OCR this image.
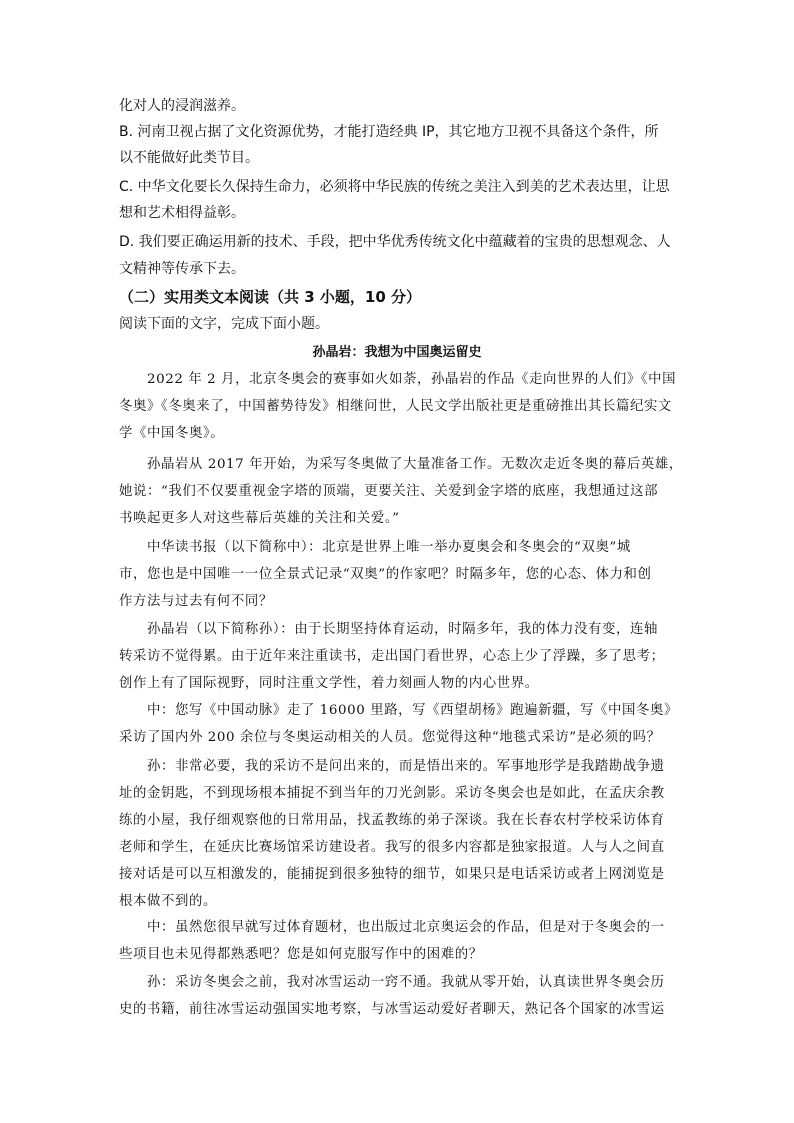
化对人的浸润滋养。
B. 河南卫视占据了文化资源优势，才能打造经典 IP，其它地方卫视不具备这个条件，所
以不能做好此类节目。
C. 中华文化要长久保持生命力，必须将中华民族的传统之美注入到美的艺术表达里，让思
想和艺术相得益彰。
D. 我们要正确运用新的技术、手段，把中华优秀传统文化中蕴藏着的宝贵的思想观念、人
文精神等传承下去。
（二）实用类文本阅读（共 3 小题，10 分）
阅读下面的文字，完成下面小题。
孙晶岩：我想为中国奥运留史
2022 年 2 月，北京冬奥会的赛事如火如荼，孙晶岩的作品《走向世界的人们》《中国
冬奥》《冬奥来了，中国蓄势待发》相继问世，人民文学出版社更是重磅推出其长篇纪实文
学《中国冬奥》。
孙晶岩从 2017 年开始，为采写冬奥做了大量准备工作。无数次走近冬奥的幕后英雄，
她说：“我们不仅要重视金字塔的顶端，更要关注、关爱到金字塔的底座，我想通过这部
书唤起更多人对这些幕后英雄的关注和关爱。”
中华读书报（以下简称中）：北京是世界上唯一举办夏奥会和冬奥会的“双奥”城
市，您也是中国唯一一位全景式记录“双奥”的作家吧？时隔多年，您的心态、体力和创
作方法与过去有何不同？
孙晶岩（以下简称孙）：由于长期坚持体育运动，时隔多年，我的体力没有变，连轴
转采访不觉得累。由于近年来注重读书，走出国门看世界，心态上少了浮躁，多了思考；
创作上有了国际视野，同时注重文学性，着力刻画人物的内心世界。
中：您写《中国动脉》走了 16000 里路，写《西望胡杨》跑遍新疆，写《中国冬奥》
采访了国内外 200 余位与冬奥运动相关的人员。您觉得这种“地毯式采访”是必须的吗？
孙：非常必要，我的采访不是问出来的，而是悟出来的。军事地形学是我踏勘战争遗
址的金钥匙，不到现场根本捕捉不到当年的刀光剑影。采访冬奥会也是如此，在孟庆余教
练的小屋，我仔细观察他的日常用品，找孟教练的弟子深谈。我在长春农村学校采访体育
老师和学生，在延庆比赛场馆采访建设者。我写的很多内容都是独家报道。人与人之间直
接对话是可以互相激发的，能捕捉到很多独特的细节，如果只是电话采访或者上网浏览是
根本做不到的。
中：虽然您很早就写过体育题材，也出版过北京奥运会的作品，但是对于冬奥会的一
些项目也未见得都熟悉吧？您是如何克服写作中的困难的？
孙：采访冬奥会之前，我对冰雪运动一窍不通。我就从零开始，认真读世界冬奥会历
史的书籍，前往冰雪运动强国实地考察，与冰雪运动爱好者聊天，熟记各个国家的冰雪运
